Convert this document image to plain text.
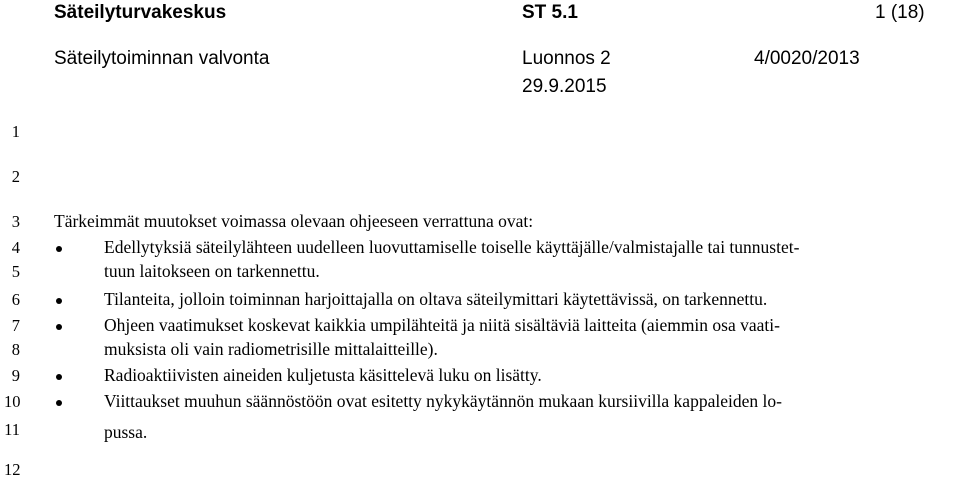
Säteilyturvakeskus	ST 5.1	1 (18)
Säteilytoiminnan valvonta	Luonnos 2	4/0020/2013
29.9.2015
1
2
3
4
5
6
7
8
9
10
11
12
Tärkeimmät muutokset voimassa olevaan ohjeeseen verrattuna ovat:
Edellytyksiä säteilylähteen uudelleen luovuttamiselle toiselle käyttäjälle/valmistajalle tai tunnustet-
tuun laitokseen on tarkennettu.
Tilanteita, jolloin toiminnan harjoittajalla on oltava säteilymittari käytettävissä, on tarkennettu.
Ohjeen vaatimukset koskevat kaikkia umpilähteitä ja niitä sisältäviä laitteita (aiemmin osa vaati-
muksista oli vain radiometrisille mittalaitteille).
Radioaktiivisten aineiden kuljetusta käsittelevä luku on lisätty.
Viittaukset muuhun säännöstöön ovat esitetty nykykäytännön mukaan kursiivilla kappaleiden lo-
pussa.
